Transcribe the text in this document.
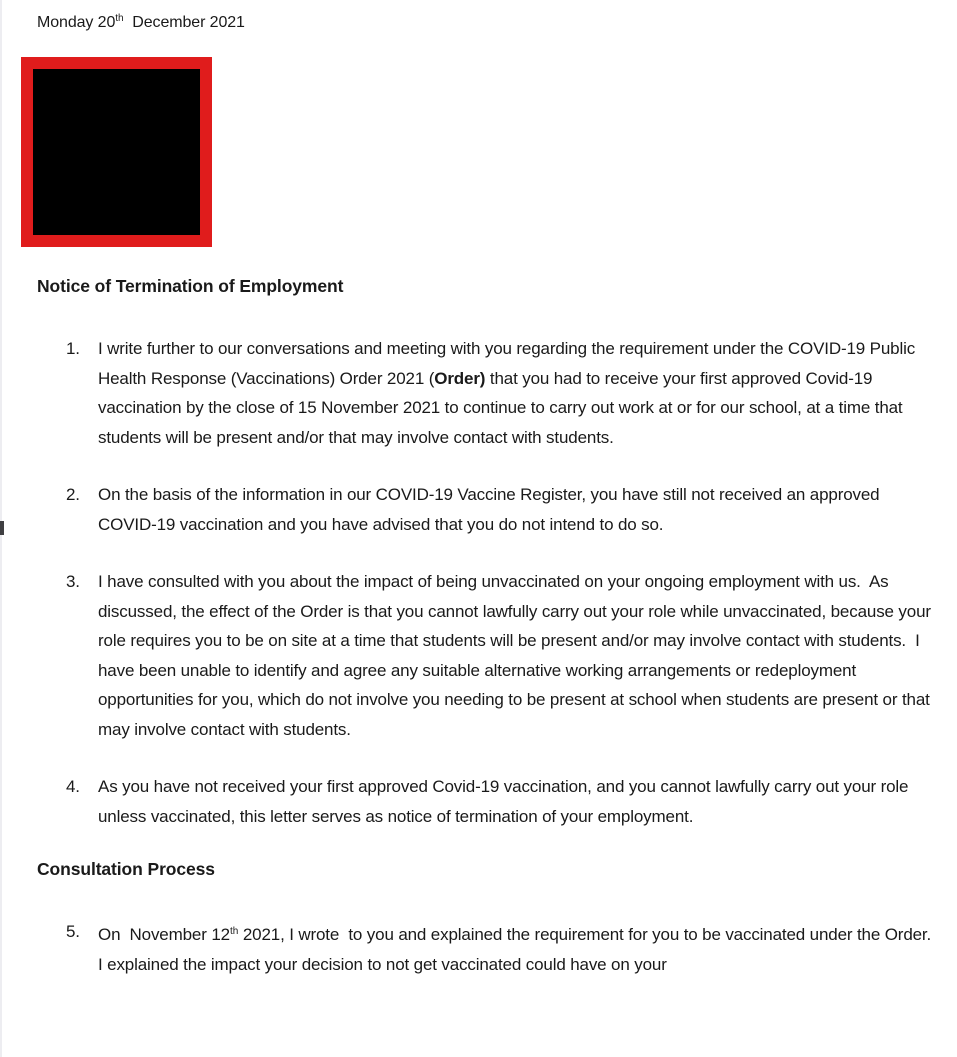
Monday 20th  December 2021
Notice of Termination of Employment
1.	I write further to our conversations and meeting with you regarding the requirement under the COVID-19 Public Health Response (Vaccinations) Order 2021 (Order) that you had to receive your first approved Covid-19 vaccination by the close of 15 November 2021 to continue to carry out work at or for our school, at a time that students will be present and/or that may involve contact with students.
2.	On the basis of the information in our COVID-19 Vaccine Register, you have still not received an approved COVID-19 vaccination and you have advised that you do not intend to do so.
3.	I have consulted with you about the impact of being unvaccinated on your ongoing employment with us.  As discussed, the effect of the Order is that you cannot lawfully carry out your role while unvaccinated, because your role requires you to be on site at a time that students will be present and/or may involve contact with students.  I have been unable to identify and agree any suitable alternative working arrangements or redeployment opportunities for you, which do not involve you needing to be present at school when students are present or that may involve contact with students.
4.	As you have not received your first approved Covid-19 vaccination, and you cannot lawfully carry out your role unless vaccinated, this letter serves as notice of termination of your employment.
Consultation Process
5.	On  November 12th 2021, I wrote  to you and explained the requirement for you to be vaccinated under the Order.  I explained the impact your decision to not get vaccinated could have on your
